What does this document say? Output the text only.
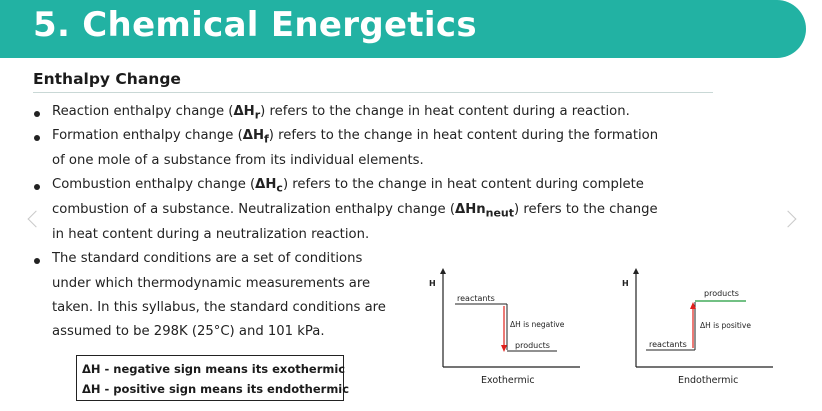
5. Chemical Energetics
Enthalpy Change
Reaction enthalpy change $(\Delta H_r)$ refers to the change in heat content during a reaction.
Formation enthalpy change $(\Delta H_f)$ refers to the change in heat content during the formation
of one mole of a substance from its individual elements.
Combustion enthalpy change $(\Delta H_c)$ refers to the change in heat content during complete
combustion of a substance. Neutralization enthalpy change (ΔHn$_{neut}$) refers to the change
in heat content during a neutralization reaction.
The standard conditions are a set of conditions
under which thermodynamic measurements are
taken. In this syllabus, the standard conditions are
assumed to be 298K (25°C) and 101 kPa.
ΔH - negative sign means its exothermic
ΔH - positive sign means its endothermic
H
reactants
ΔH is negative
products
Exothermic
H
reactants
ΔH is positive
products
Endothermic
